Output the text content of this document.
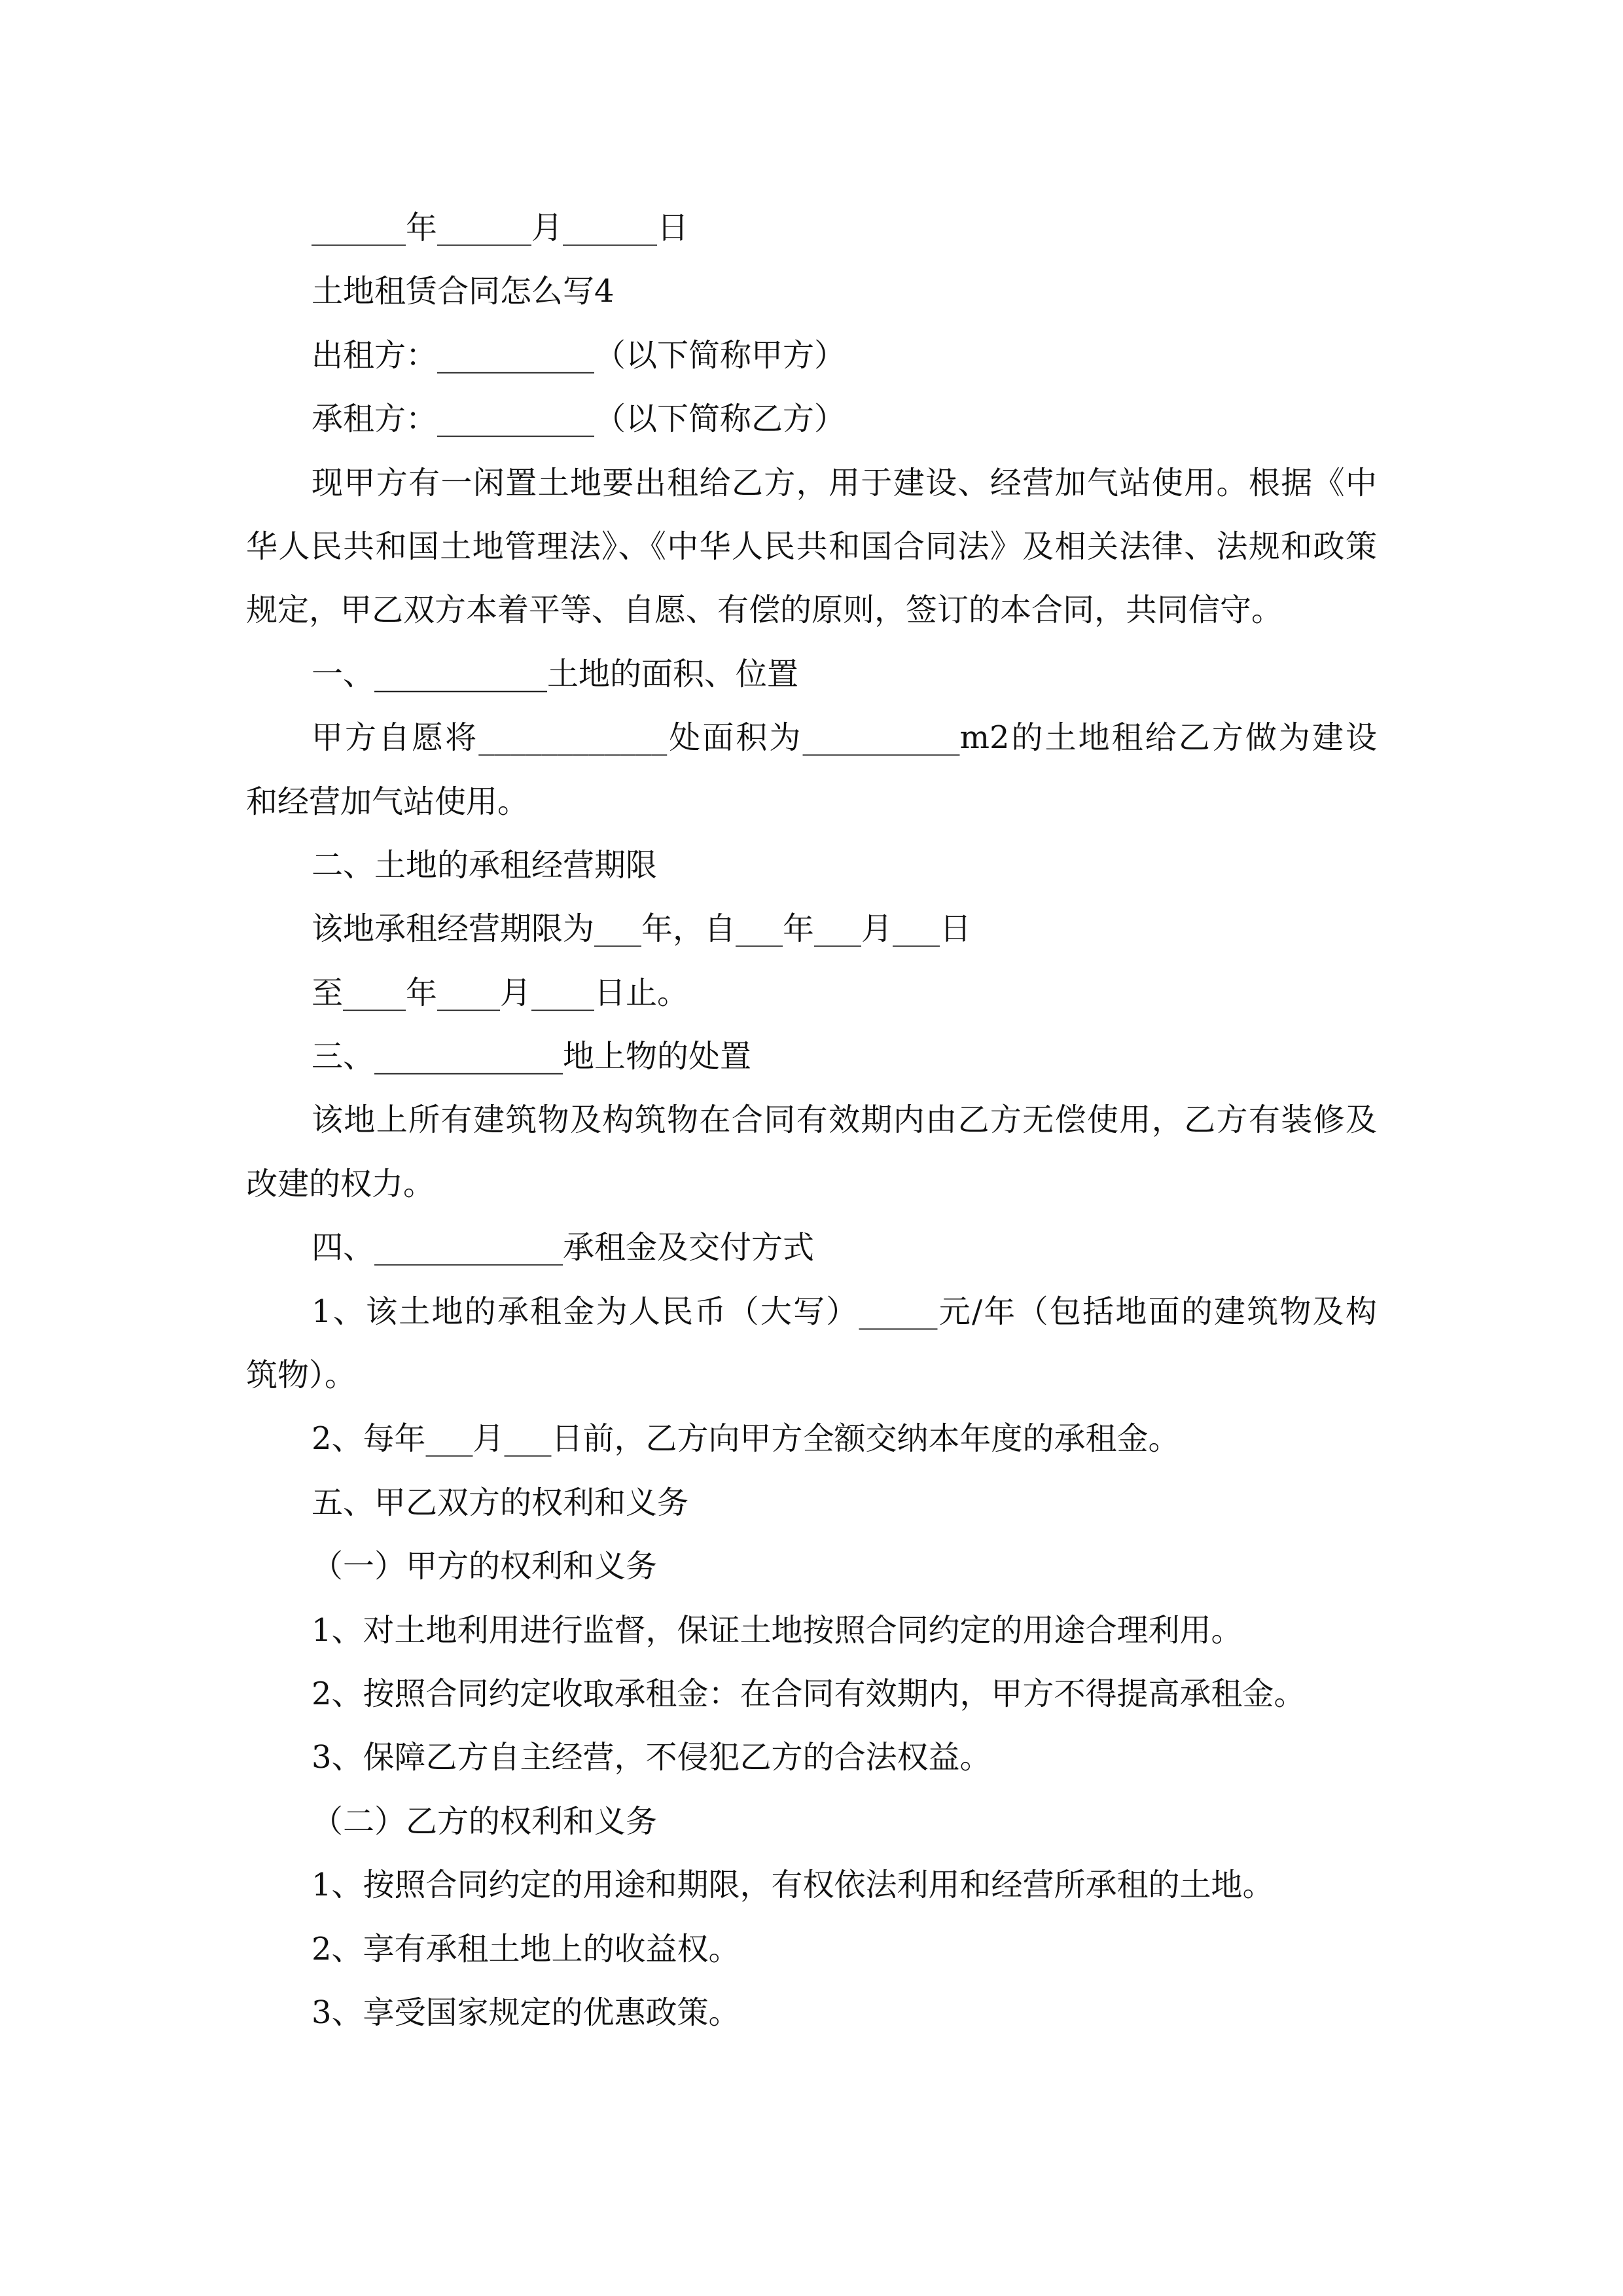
______年______月______日
土地租赁合同怎么写4
出租方：__________（以下简称甲方）
承租方：__________（以下简称乙方）
现甲方有一闲置土地要出租给乙方，用于建设、经营加气站使用。根据《中
华人民共和国土地管理法》、《中华人民共和国合同法》及相关法律、法规和政策
规定，甲乙双方本着平等、自愿、有偿的原则，签订的本合同，共同信守。
一、___________土地的面积、位置
甲方自愿将____________处面积为__________m2的土地租给乙方做为建设
和经营加气站使用。
二、土地的承租经营期限
该地承租经营期限为___年，自___年___月___日
至____年____月____日止。
三、____________地上物的处置
该地上所有建筑物及构筑物在合同有效期内由乙方无偿使用，乙方有装修及
改建的权力。
四、____________承租金及交付方式
1、该土地的承租金为人民币（大写）_____元/年（包括地面的建筑物及构
筑物）。
2、每年___月___日前，乙方向甲方全额交纳本年度的承租金。
五、甲乙双方的权利和义务
（一）甲方的权利和义务
1、对土地利用进行监督，保证土地按照合同约定的用途合理利用。
2、按照合同约定收取承租金：在合同有效期内，甲方不得提高承租金。
3、保障乙方自主经营，不侵犯乙方的合法权益。
（二）乙方的权利和义务
1、按照合同约定的用途和期限，有权依法利用和经营所承租的土地。
2、享有承租土地上的收益权。
3、享受国家规定的优惠政策。
